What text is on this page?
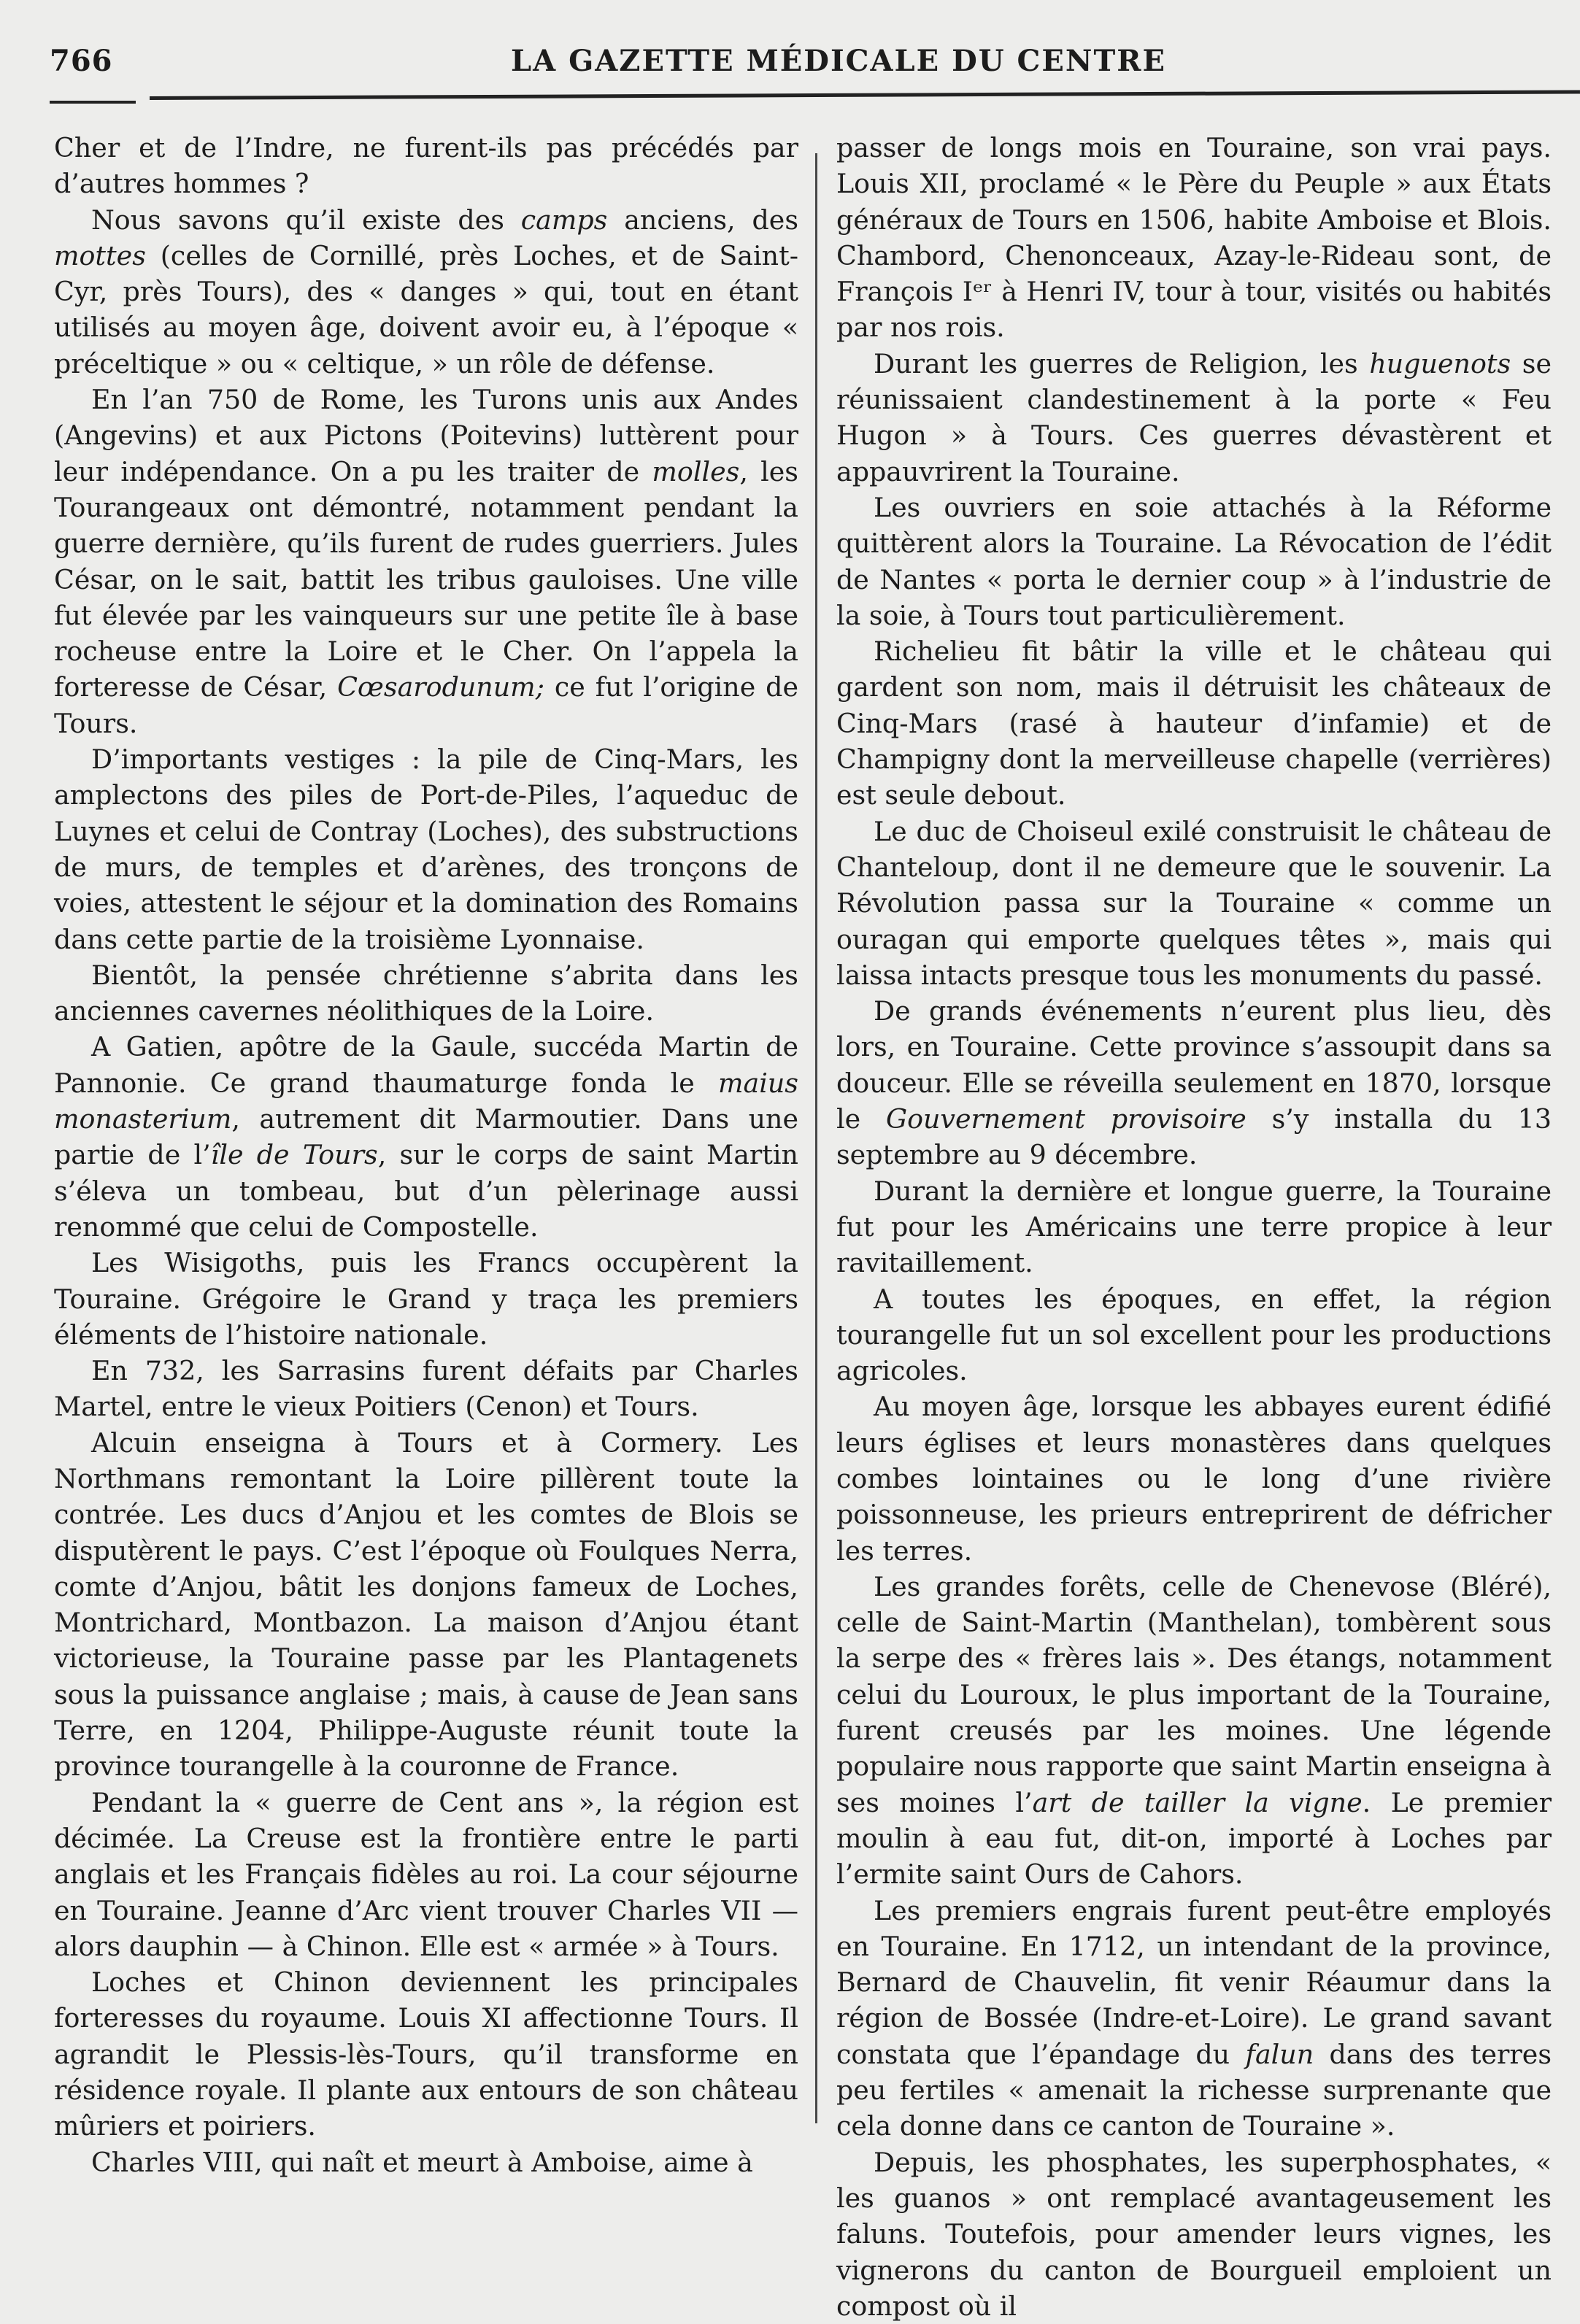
766	LA GAZETTE MÉDICALE DU CENTRE

Cher et de l’Indre, ne furent-ils pas précédés par d’autres hommes ?

Nous savons qu’il existe des camps anciens, des mottes (celles de Cornillé, près Loches, et de Saint-Cyr, près Tours), des « danges » qui, tout en étant utilisés au moyen âge, doivent avoir eu, à l’époque « préceltique » ou « celtique, » un rôle de défense.

En l’an 750 de Rome, les Turons unis aux Andes (Angevins) et aux Pictons (Poitevins) luttèrent pour leur indépendance. On a pu les traiter de molles, les Tourangeaux ont démontré, notamment pendant la guerre dernière, qu’ils furent de rudes guerriers. Jules César, on le sait, battit les tribus gauloises. Une ville fut élevée par les vainqueurs sur une petite île à base rocheuse entre la Loire et le Cher. On l’appela la forteresse de César, Cœsarodunum; ce fut l’origine de Tours.

D’importants vestiges : la pile de Cinq-Mars, les amplectons des piles de Port-de-Piles, l’aqueduc de Luynes et celui de Contray (Loches), des substructions de murs, de temples et d’arènes, des tronçons de voies, attestent le séjour et la domination des Romains dans cette partie de la troisième Lyonnaise.

Bientôt, la pensée chrétienne s’abrita dans les anciennes cavernes néolithiques de la Loire.

A Gatien, apôtre de la Gaule, succéda Martin de Pannonie. Ce grand thaumaturge fonda le maius monasterium, autrement dit Marmoutier. Dans une partie de l’île de Tours, sur le corps de saint Martin s’éleva un tombeau, but d’un pèlerinage aussi renommé que celui de Compostelle.

Les Wisigoths, puis les Francs occupèrent la Touraine. Grégoire le Grand y traça les premiers éléments de l’histoire nationale.

En 732, les Sarrasins furent défaits par Charles Martel, entre le vieux Poitiers (Cenon) et Tours.

Alcuin enseigna à Tours et à Cormery. Les Northmans remontant la Loire pillèrent toute la contrée. Les ducs d’Anjou et les comtes de Blois se disputèrent le pays. C’est l’époque où Foulques Nerra, comte d’Anjou, bâtit les donjons fameux de Loches, Montrichard, Montbazon. La maison d’Anjou étant victorieuse, la Touraine passe par les Plantagenets sous la puissance anglaise ; mais, à cause de Jean sans Terre, en 1204, Philippe-Auguste réunit toute la province tourangelle à la couronne de France.

Pendant la « guerre de Cent ans », la région est décimée. La Creuse est la frontière entre le parti anglais et les Français fidèles au roi. La cour séjourne en Touraine. Jeanne d’Arc vient trouver Charles VII — alors dauphin — à Chinon. Elle est « armée » à Tours.

Loches et Chinon deviennent les principales forteresses du royaume. Louis XI affectionne Tours. Il agrandit le Plessis-lès-Tours, qu’il transforme en résidence royale. Il plante aux entours de son château mûriers et poiriers.

Charles VIII, qui naît et meurt à Amboise, aime à

passer de longs mois en Touraine, son vrai pays. Louis XII, proclamé « le Père du Peuple » aux États généraux de Tours en 1506, habite Amboise et Blois. Chambord, Chenonceaux, Azay-le-Rideau sont, de François Iᵉʳ à Henri IV, tour à tour, visités ou habités par nos rois.

Durant les guerres de Religion, les huguenots se réunissaient clandestinement à la porte « Feu Hugon » à Tours. Ces guerres dévastèrent et appauvrirent la Touraine.

Les ouvriers en soie attachés à la Réforme quittèrent alors la Touraine. La Révocation de l’édit de Nantes « porta le dernier coup » à l’industrie de la soie, à Tours tout particulièrement.

Richelieu fit bâtir la ville et le château qui gardent son nom, mais il détruisit les châteaux de Cinq-Mars (rasé à hauteur d’infamie) et de Champigny dont la merveilleuse chapelle (verrières) est seule debout.

Le duc de Choiseul exilé construisit le château de Chanteloup, dont il ne demeure que le souvenir. La Révolution passa sur la Touraine « comme un ouragan qui emporte quelques têtes », mais qui laissa intacts presque tous les monuments du passé.

De grands événements n’eurent plus lieu, dès lors, en Touraine. Cette province s’assoupit dans sa douceur. Elle se réveilla seulement en 1870, lorsque le Gouvernement provisoire s’y installa du 13 septembre au 9 décembre.

Durant la dernière et longue guerre, la Touraine fut pour les Américains une terre propice à leur ravitaillement.

A toutes les époques, en effet, la région tourangelle fut un sol excellent pour les productions agricoles.

Au moyen âge, lorsque les abbayes eurent édifié leurs églises et leurs monastères dans quelques combes lointaines ou le long d’une rivière poissonneuse, les prieurs entreprirent de défricher les terres.

Les grandes forêts, celle de Chenevose (Bléré), celle de Saint-Martin (Manthelan), tombèrent sous la serpe des « frères lais ». Des étangs, notamment celui du Louroux, le plus important de la Touraine, furent creusés par les moines. Une légende populaire nous rapporte que saint Martin enseigna à ses moines l’art de tailler la vigne. Le premier moulin à eau fut, dit-on, importé à Loches par l’ermite saint Ours de Cahors.

Les premiers engrais furent peut-être employés en Touraine. En 1712, un intendant de la province, Bernard de Chauvelin, fit venir Réaumur dans la région de Bossée (Indre-et-Loire). Le grand savant constata que l’épandage du falun dans des terres peu fertiles « amenait la richesse surprenante que cela donne dans ce canton de Touraine ».

Depuis, les phosphates, les superphosphates, « les guanos » ont remplacé avantageusement les faluns. Toutefois, pour amender leurs vignes, les vignerons du canton de Bourgueil emploient un compost où il
